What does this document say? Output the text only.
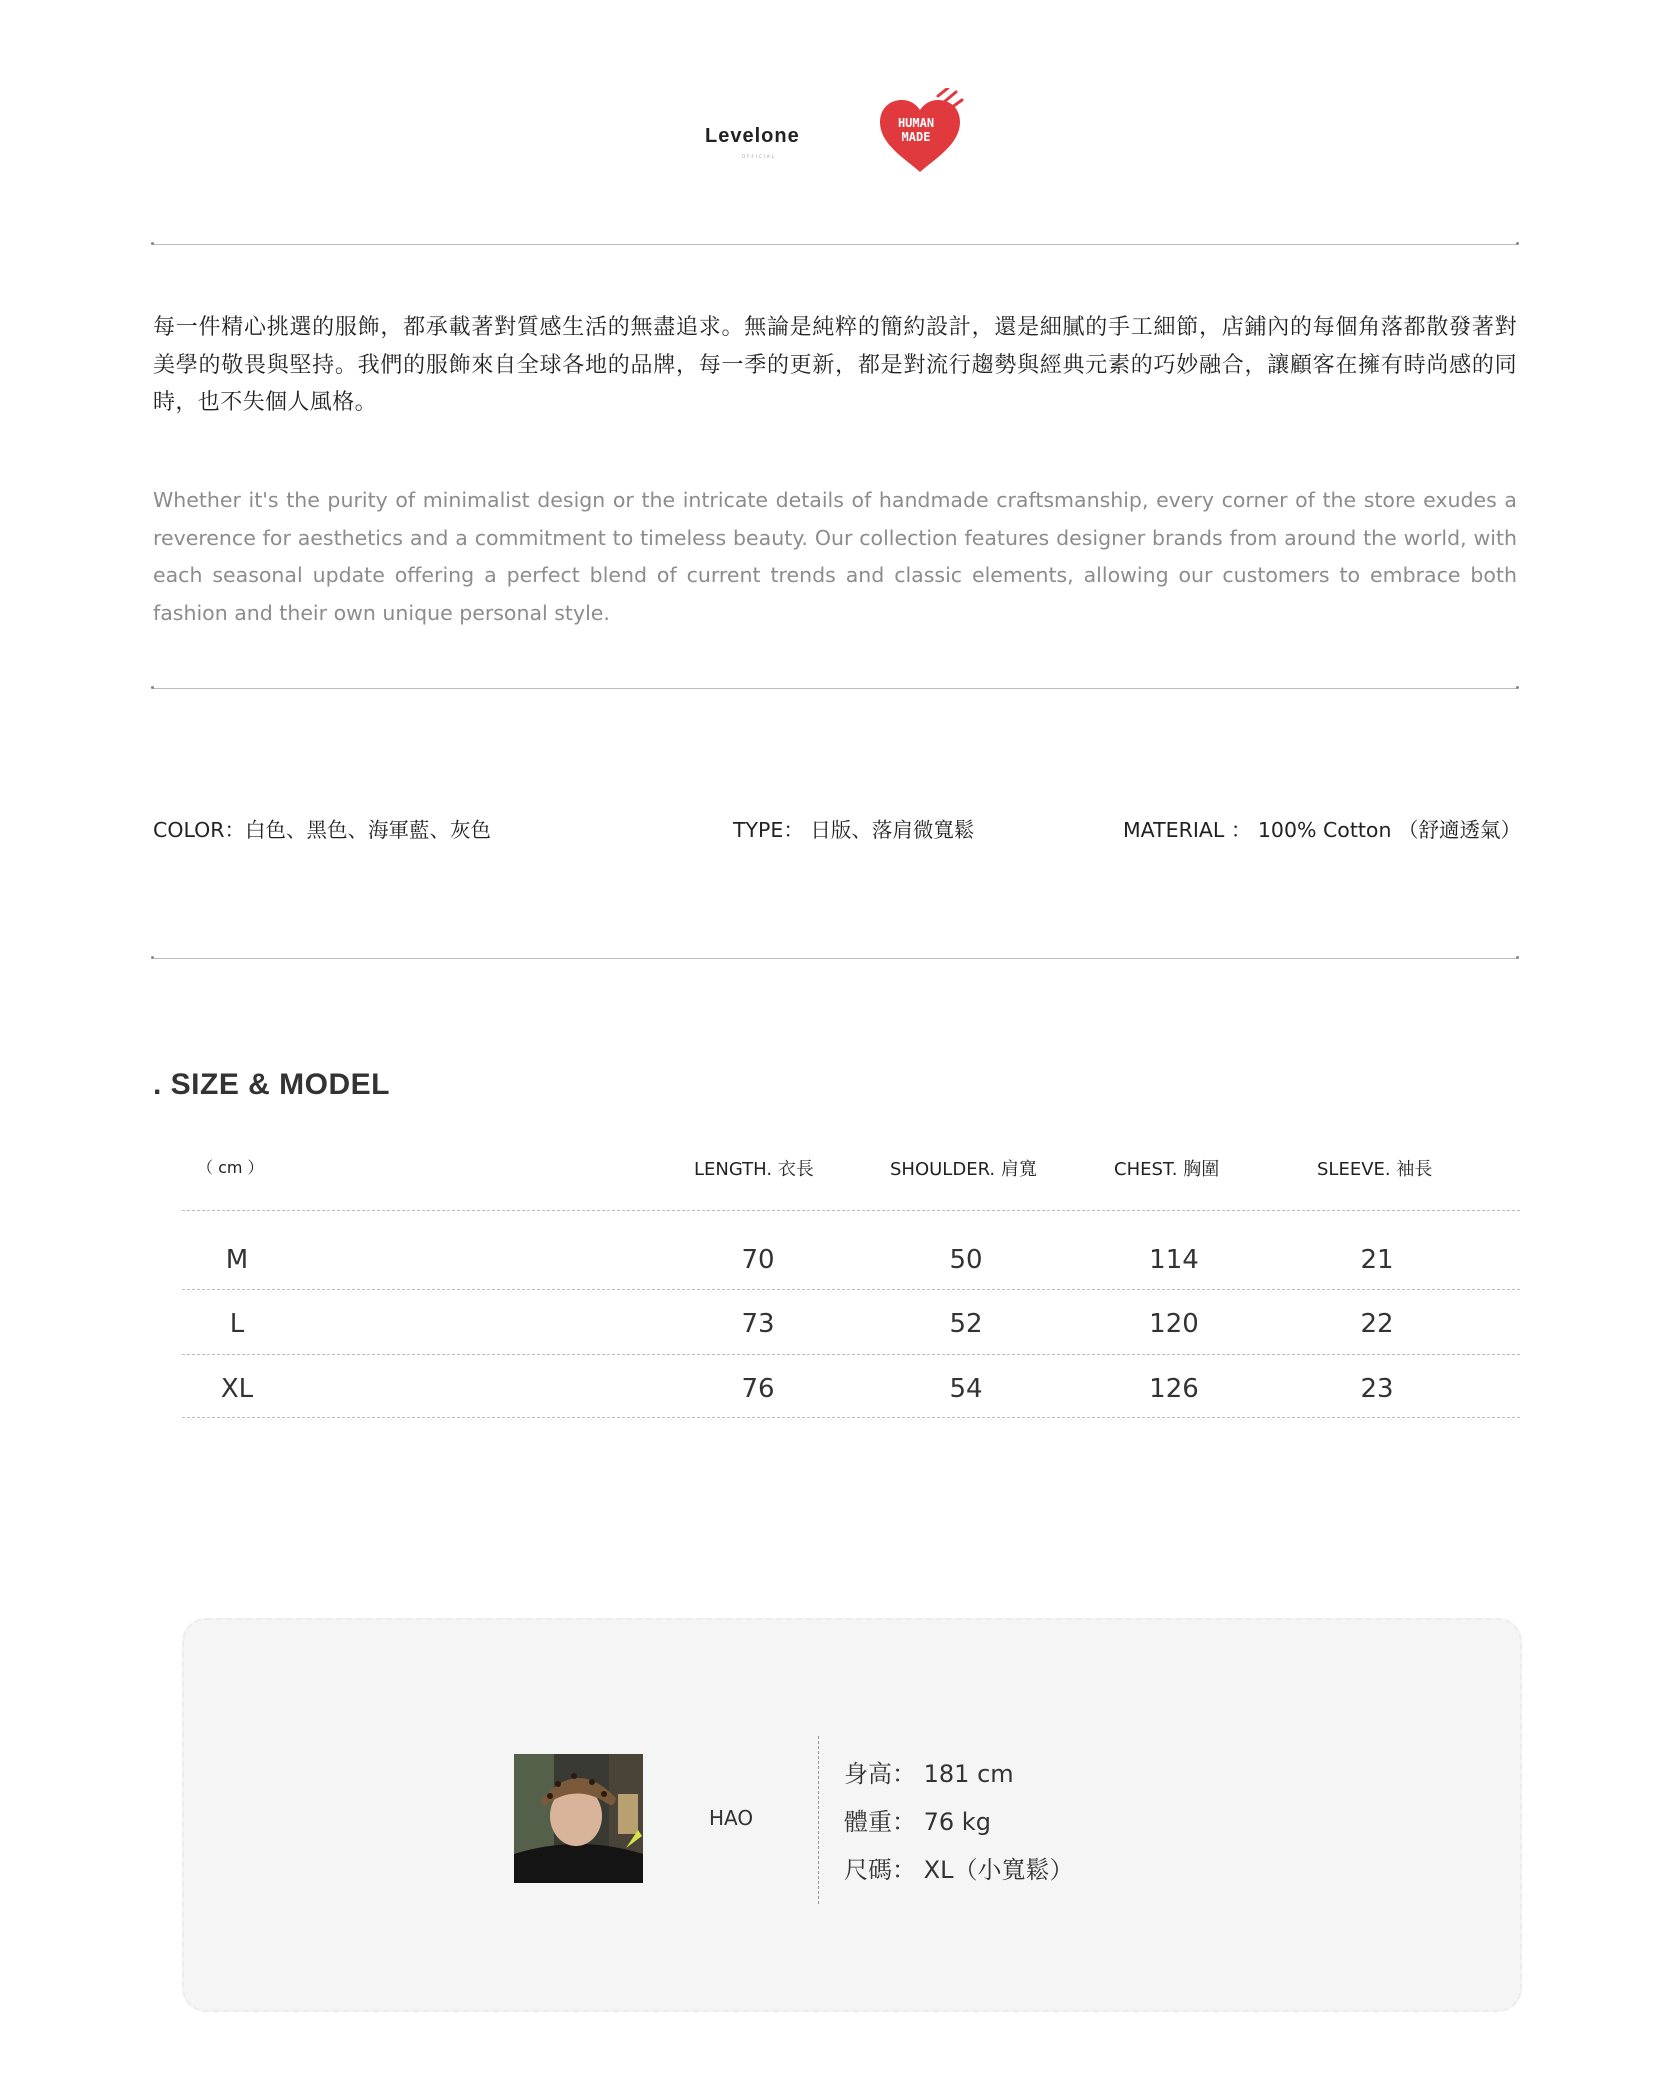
Levelone
OFFICIAL
HUMAN
MADE
每一件精心挑選的服飾，都承載著對質感生活的無盡追求。無論是純粹的簡約設計，還是細膩的手工細節，店鋪內的每個角落都散發著對美學的敬畏與堅持。我們的服飾來自全球各地的品牌，每一季的更新，都是對流行趨勢與經典元素的巧妙融合，讓顧客在擁有時尚感的同時，也不失個人風格。
Whether it's the purity of minimalist design or the intricate details of handmade craftsmanship, every corner of the store exudes a reverence for aesthetics and a commitment to timeless beauty. Our collection features designer brands from around the world, with each seasonal update offering a perfect blend of current trends and classic elements, allowing our customers to embrace both fashion and their own unique personal style.
COLOR：白色、黑色、海軍藍、灰色	TYPE： 日版、落肩微寬鬆	MATERIAL ： 100% Cotton （舒適透氣）
. SIZE & MODEL
（ cm ）	LENGTH. 衣長	SHOULDER. 肩寬	CHEST. 胸圍	SLEEVE. 袖長
M	70	50	114	21
L	73	52	120	22
XL	76	54	126	23
HAO
身高： 181 cm
體重： 76 kg
尺碼： XL（小寬鬆）
